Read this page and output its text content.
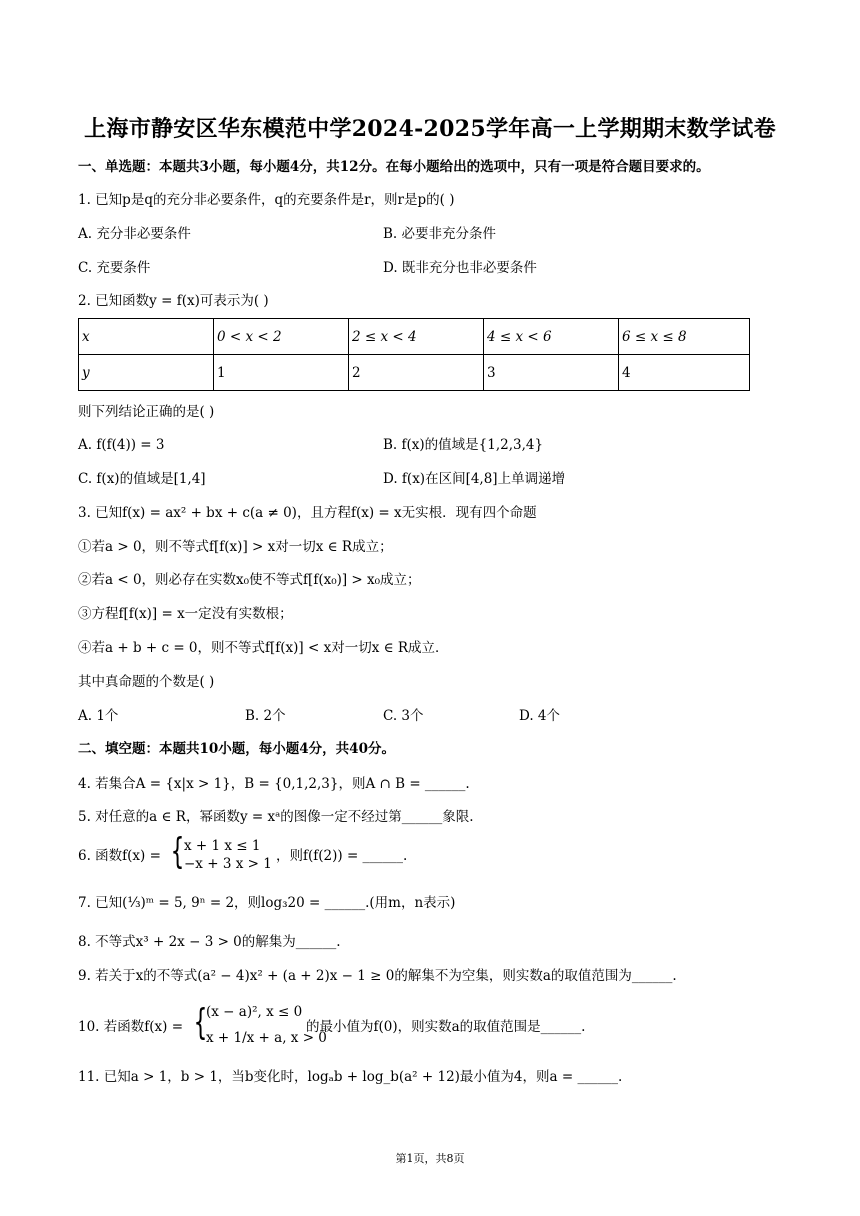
上海市静安区华东模范中学2024-2025学年高一上学期期末数学试卷
一、单选题：本题共3小题，每小题4分，共12分。在每小题给出的选项中，只有一项是符合题目要求的。
1. 已知p是q的充分非必要条件，q的充要条件是r，则r是p的( )
A. 充分非必要条件	B. 必要非充分条件
C. 充要条件	D. 既非充分也非必要条件
2. 已知函数y = f(x)可表示为( )
x	0 < x < 2	2 ≤ x < 4	4 ≤ x < 6	6 ≤ x ≤ 8
y	1	2	3	4
则下列结论正确的是( )
A. f(f(4)) = 3	B. f(x)的值域是{1,2,3,4}
C. f(x)的值域是[1,4]	D. f(x)在区间[4,8]上单调递增
3. 已知f(x) = ax² + bx + c(a ≠ 0)，且方程f(x) = x无实根．现有四个命题
①若a > 0，则不等式f[f(x)] > x对一切x ∈ R成立；
②若a < 0，则必存在实数x₀使不等式f[f(x₀)] > x₀成立；
③方程f[f(x)] = x一定没有实数根；
④若a + b + c = 0，则不等式f[f(x)] < x对一切x ∈ R成立．
其中真命题的个数是( )
A. 1个	B. 2个	C. 3个	D. 4个
二、填空题：本题共10小题，每小题4分，共40分。
4. 若集合A = {x|x > 1}，B = {0,1,2,3}，则A ∩ B = ______.
5. 对任意的a ∈ R，幂函数y = xᵃ的图像一定不经过第______象限.
6. 函数f(x) = { x + 1 x ≤ 1
−x + 3 x > 1 ，则f(f(2)) = ______.
7. 已知(⅓)ᵐ = 5, 9ⁿ = 2，则log₃20 = ______.(用m，n表示)
8. 不等式x³ + 2x − 3 > 0的解集为______.
9. 若关于x的不等式(a² − 4)x² + (a + 2)x − 1 ≥ 0的解集不为空集，则实数a的取值范围为______.
10. 若函数f(x) = {
(x − a)², x ≤ 0
x + 1/x + a, x > 0
的最小值为f(0)，则实数a的取值范围是______.
11. 已知a > 1，b > 1，当b变化时，logₐb + log_b(a² + 12)最小值为4，则a = ______.
第1页，共8页
